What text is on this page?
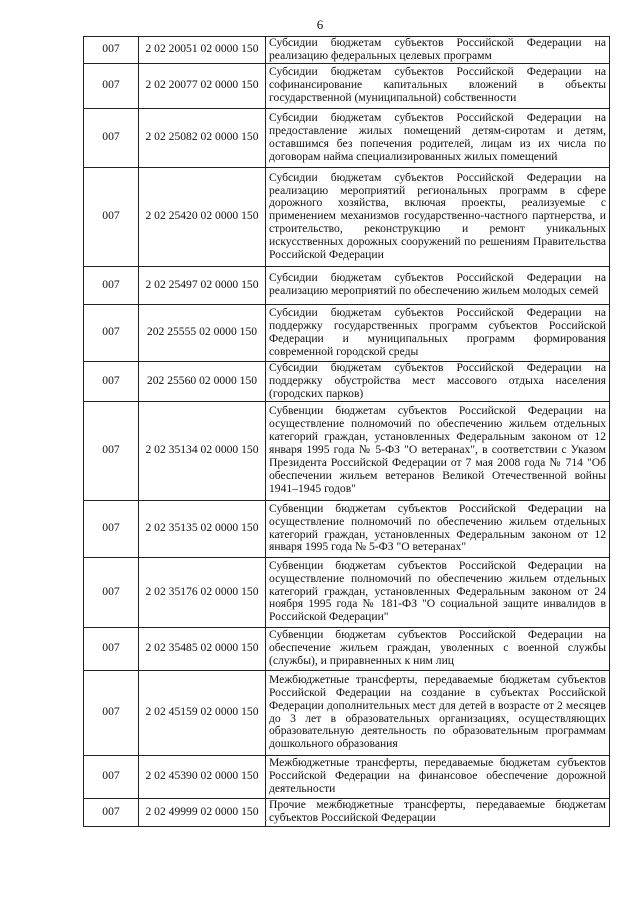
6
007	2 02 20051 02 0000 150	Субсидии бюджетам субъектов Российской Федерации на реализацию федеральных целевых программ
007	2 02 20077 02 0000 150	Субсидии бюджетам субъектов Российской Федерации на софинансирование капитальных вложений в объекты государственной (муниципальной) собственности
007	2 02 25082 02 0000 150	Субсидии бюджетам субъектов Российской Федерации на предоставление жилых помещений детям-сиротам и детям, оставшимся без попечения родителей, лицам из их числа по договорам найма специализированных жилых помещений
007	2 02 25420 02 0000 150	Субсидии бюджетам субъектов Российской Федерации на реализацию мероприятий региональных программ в сфере дорожного хозяйства, включая проекты, реализуемые с применением механизмов государственно-частного партнерства, и строительство, реконструкцию и ремонт уникальных искусственных дорожных сооружений по решениям Правительства Российской Федерации
007	2 02 25497 02 0000 150	Субсидии бюджетам субъектов Российской Федерации на реализацию мероприятий по обеспечению жильем молодых семей
007	202 25555 02 0000 150	Субсидии бюджетам субъектов Российской Федерации на поддержку государственных программ субъектов Российской Федерации и муниципальных программ формирования современной городской среды
007	202 25560 02 0000 150	Субсидии бюджетам субъектов Российской Федерации на поддержку обустройства мест массового отдыха населения (городских парков)
007	2 02 35134 02 0000 150	Субвенции бюджетам субъектов Российской Федерации на осуществление полномочий по обеспечению жильем отдельных категорий граждан, установленных Федеральным законом от 12 января 1995 года № 5-ФЗ "О ветеранах", в соответствии с Указом Президента Российской Федерации от 7 мая 2008 года № 714 "Об обеспечении жильем ветеранов Великой Отечественной войны 1941–1945 годов"
007	2 02 35135 02 0000 150	Субвенции бюджетам субъектов Российской Федерации на осуществление полномочий по обеспечению жильем отдельных категорий граждан, установленных Федеральным законом от 12 января 1995 года № 5-ФЗ "О ветеранах"
007	2 02 35176 02 0000 150	Субвенции бюджетам субъектов Российской Федерации на осуществление полномочий по обеспечению жильем отдельных категорий граждан, установленных Федеральным законом от 24 ноября 1995 года № 181-ФЗ "О социальной защите инвалидов в Российской Федерации"
007	2 02 35485 02 0000 150	Субвенции бюджетам субъектов Российской Федерации на обеспечение жильем граждан, уволенных с военной службы (службы), и приравненных к ним лиц
007	2 02 45159 02 0000 150	Межбюджетные трансферты, передаваемые бюджетам субъектов Российской Федерации на создание в субъектах Российской Федерации дополнительных мест для детей в возрасте от 2 месяцев до 3 лет в образовательных организациях, осуществляющих образовательную деятельность по образовательным программам дошкольного образования
007	2 02 45390 02 0000 150	Межбюджетные трансферты, передаваемые бюджетам субъектов Российской Федерации на финансовое обеспечение дорожной деятельности
007	2 02 49999 02 0000 150	Прочие межбюджетные трансферты, передаваемые бюджетам субъектов Российской Федерации
